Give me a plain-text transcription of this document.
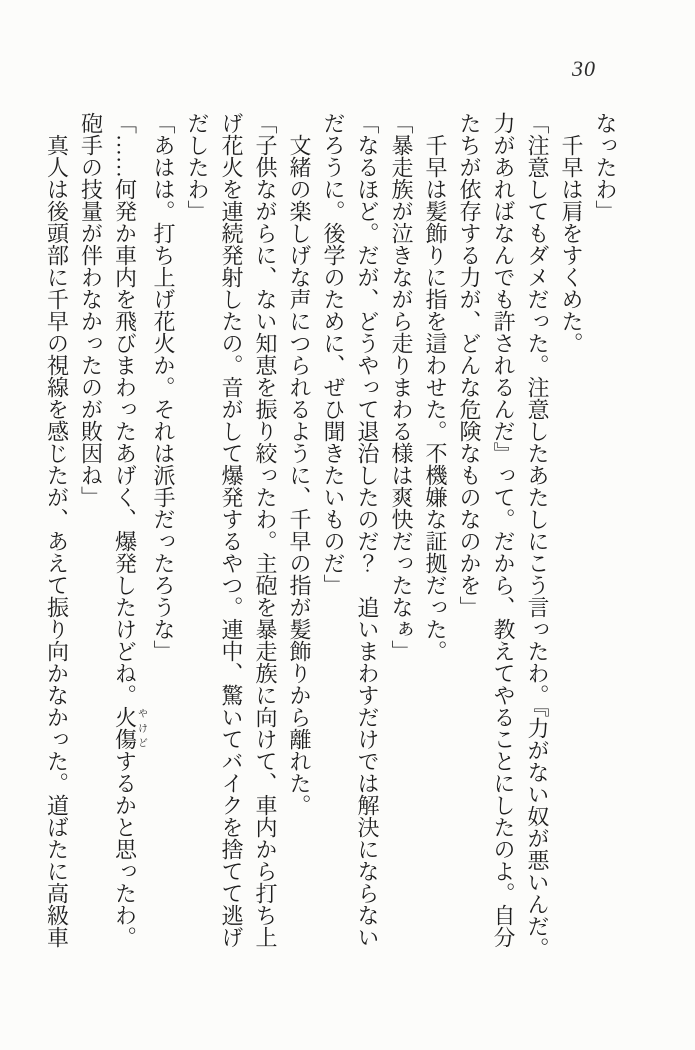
30

なったわ」

　千早は肩をすくめた。

「注意してもダメだった。注意したあたしにこう言ったわ。『力がない奴が悪いんだ。
力があればなんでも許されるんだ』って。だから、教えてやることにしたのよ。自分
たちが依存する力が、どんな危険なものなのかを」

　千早は髪飾りに指を這わせた。不機嫌な証拠だった。

「暴走族が泣きながら走りまわる様は爽快だったなぁ」

「なるほど。だが、どうやって退治したのだ？　追いまわすだけでは解決にならない
だろうに。後学のために、ぜひ聞きたいものだ」

　文緒の楽しげな声につられるように、千早の指が髪飾りから離れた。

「子供ながらに、ない知恵を振り絞ったわ。主砲を暴走族に向けて、車内から打ち上
げ花火を連続発射したの。音がして爆発するやつ。連中、驚いてバイクを捨てて逃げ
だしたわ」

「あはは。打ち上げ花火か。それは派手だったろうな」

「……何発か車内を飛びまわったあげく、爆発したけどね。火傷やけどするかと思ったわ。
砲手の技量が伴わなかったのが敗因ね」

　真人は後頭部に千早の視線を感じたが、あえて振り向かなかった。道ばたに高級車
